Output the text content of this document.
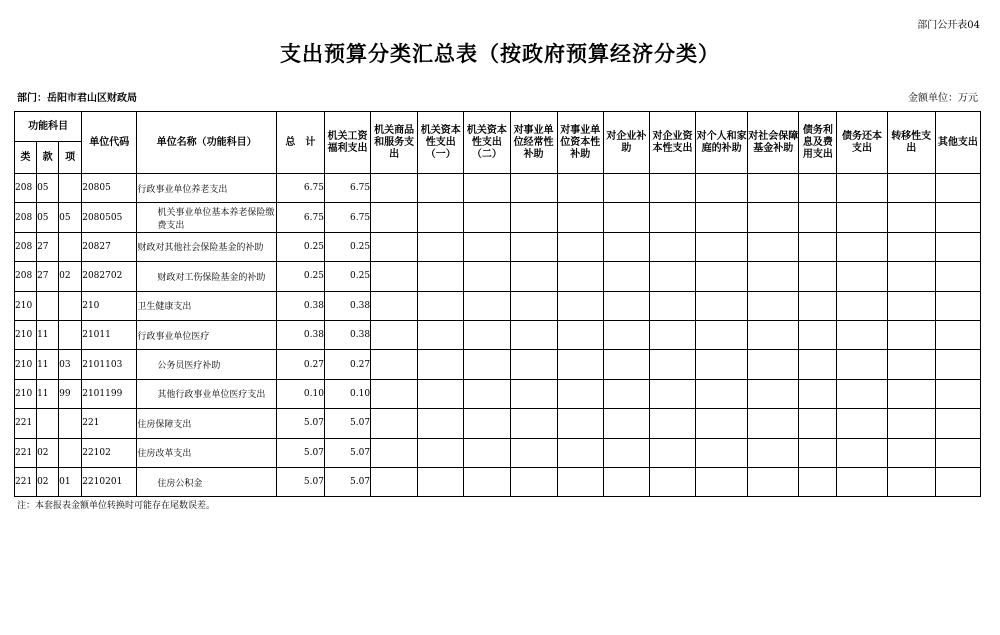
部门公开表04
支出预算分类汇总表（按政府预算经济分类）
部门：岳阳市君山区财政局	金额单位：万元
功能科目			单位代码	单位名称（功能科目）	总　计	机关工资福利支出	机关商品和服务支出	机关资本性支出（一）	机关资本性支出（二）	对事业单位经常性补助	对事业单位资本性补助	对企业补助	对企业资本性支出	对个人和家庭的补助	对社会保障基金补助	债务利息及费用支出	债务还本支出	转移性支出	其他支出
类	款	项																	
208	05		20805	行政事业单位养老支出	6.75	6.75													
208	05	05	2080505	机关事业单位基本养老保险缴费支出	6.75	6.75													
208	27		20827	财政对其他社会保险基金的补助	0.25	0.25													
208	27	02	2082702	财政对工伤保险基金的补助	0.25	0.25													
210			210	卫生健康支出	0.38	0.38													
210	11		21011	行政事业单位医疗	0.38	0.38													
210	11	03	2101103	公务员医疗补助	0.27	0.27													
210	11	99	2101199	其他行政事业单位医疗支出	0.10	0.10													
221			221	住房保障支出	5.07	5.07													
221	02		22102	住房改革支出	5.07	5.07													
221	02	01	2210201	住房公积金	5.07	5.07													
注：本套报表金额单位转换时可能存在尾数误差。
